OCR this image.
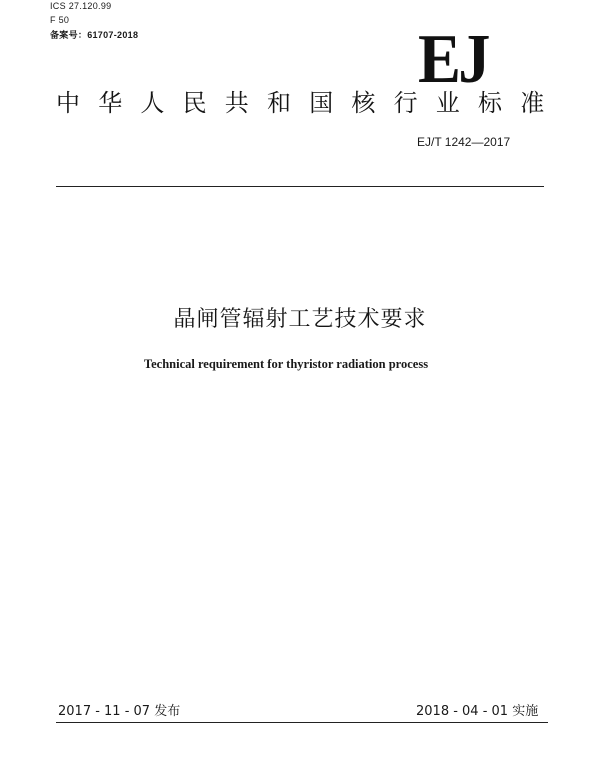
ICS 27.120.99
F 50
备案号：61707-2018	EJ
中华人民共和国核行业标准
EJ/T 1242—2017
晶闸管辐射工艺技术要求
Technical requirement for thyristor radiation process
2017 - 11 - 07 发布	2018 - 04 - 01 实施
